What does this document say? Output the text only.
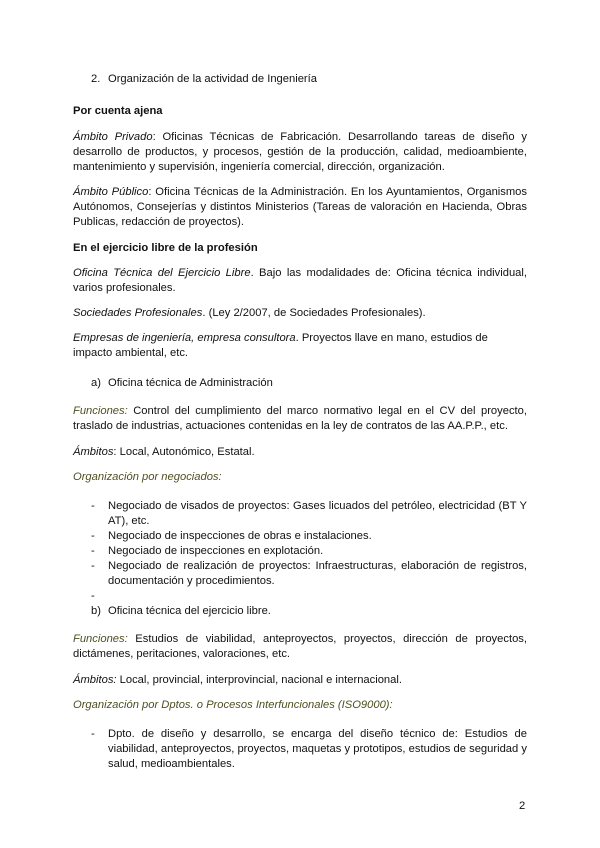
2. Organización de la actividad de Ingeniería

Por cuenta ajena

Ámbito Privado: Oficinas Técnicas de Fabricación. Desarrollando tareas de diseño y desarrollo de productos, y procesos, gestión de la producción, calidad, medioambiente, mantenimiento y supervisión, ingeniería comercial, dirección, organización.

Ámbito Público: Oficina Técnicas de la Administración. En los Ayuntamientos, Organismos Autónomos, Consejerías y distintos Ministerios (Tareas de valoración en Hacienda, Obras Publicas, redacción de proyectos).

En el ejercicio libre de la profesión

Oficina Técnica del Ejercicio Libre. Bajo las modalidades de: Oficina técnica individual, varios profesionales.

Sociedades Profesionales. (Ley 2/2007, de Sociedades Profesionales).

Empresas de ingeniería, empresa consultora. Proyectos llave en mano, estudios de impacto ambiental, etc.

a) Oficina técnica de Administración

Funciones: Control del cumplimiento del marco normativo legal en el CV del proyecto, traslado de industrias, actuaciones contenidas en la ley de contratos de las AA.P.P., etc.

Ámbitos: Local, Autonómico, Estatal.

Organización por negociados:

-	Negociado de visados de proyectos: Gases licuados del petróleo, electricidad (BT Y AT), etc.
-	Negociado de inspecciones de obras e instalaciones.
-	Negociado de inspecciones en explotación.
-	Negociado de realización de proyectos: Infraestructuras, elaboración de registros, documentación y procedimientos.
-

b) Oficina técnica del ejercicio libre.

Funciones: Estudios de viabilidad, anteproyectos, proyectos, dirección de proyectos, dictámenes, peritaciones, valoraciones, etc.

Ámbitos: Local, provincial, interprovincial, nacional e internacional.

Organización por Dptos. o Procesos Interfuncionales (ISO9000):

-	Dpto. de diseño y desarrollo, se encarga del diseño técnico de: Estudios de viabilidad, anteproyectos, proyectos, maquetas y prototipos, estudios de seguridad y salud, medioambientales.
2
